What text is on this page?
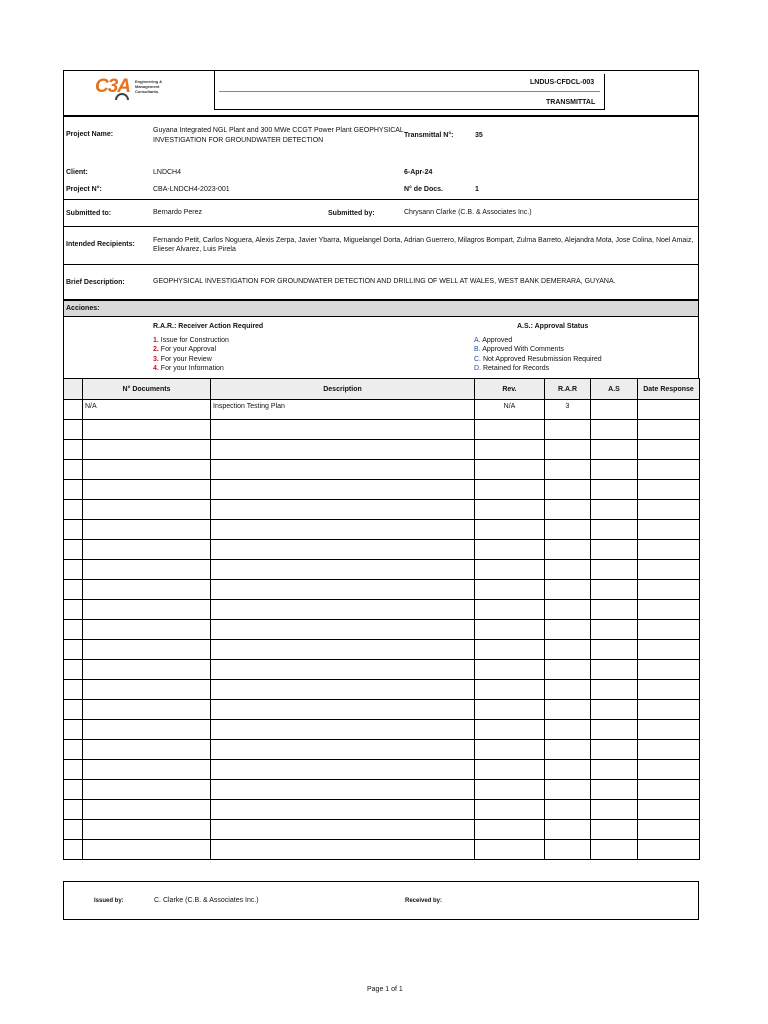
C3A Engineering &
Management
Consultants.
LNDUS-CFDCL-003
TRANSMITTAL
Project Name:
Guyana Integrated NGL Plant and 300 MWe CCGT Power Plant GEOPHYSICAL
INVESTIGATION FOR GROUNDWATER DETECTION
Transmittal N°:	35
Client:	LNDCH4	6-Apr-24
Project N°:	CBA-LNDCH4-2023-001	N° de Docs.	1
Submitted to:	Bernardo Perez	Submitted by:	Chrysann Clarke (C.B. & Associates Inc.)
Intended Recipients:
Fernando Petit, Carlos Noguera, Alexis Zerpa, Javier Ybarra, Miguelangel Dorta, Adrian Guerrero, Milagros Bompart, Zulma Barreto, Alejandra Mota, Jose Colina, Noel Amaiz,
Elieser Alvarez, Luis Pirela
Brief Description:	GEOPHYSICAL INVESTIGATION FOR GROUNDWATER DETECTION AND DRILLING OF WELL AT WALES, WEST BANK DEMERARA, GUYANA.
Acciones:
R.A.R.: Receiver Action Required
1. Issue for Construction
2. For your Approval
3. For your Review
4. For your Information
A.S.: Approval Status
A. Approved
B. Approved With Comments
C. Not Approved Resubmission Required
D. Retained for Records
	N° Documents	Description	Rev.	R.A.R	A.S	Date Response
	N/A	Inspection Testing Plan	N/A	3		

Issued by:	C. Clarke (C.B. & Associates Inc.)	Received by:
Page 1 of 1
